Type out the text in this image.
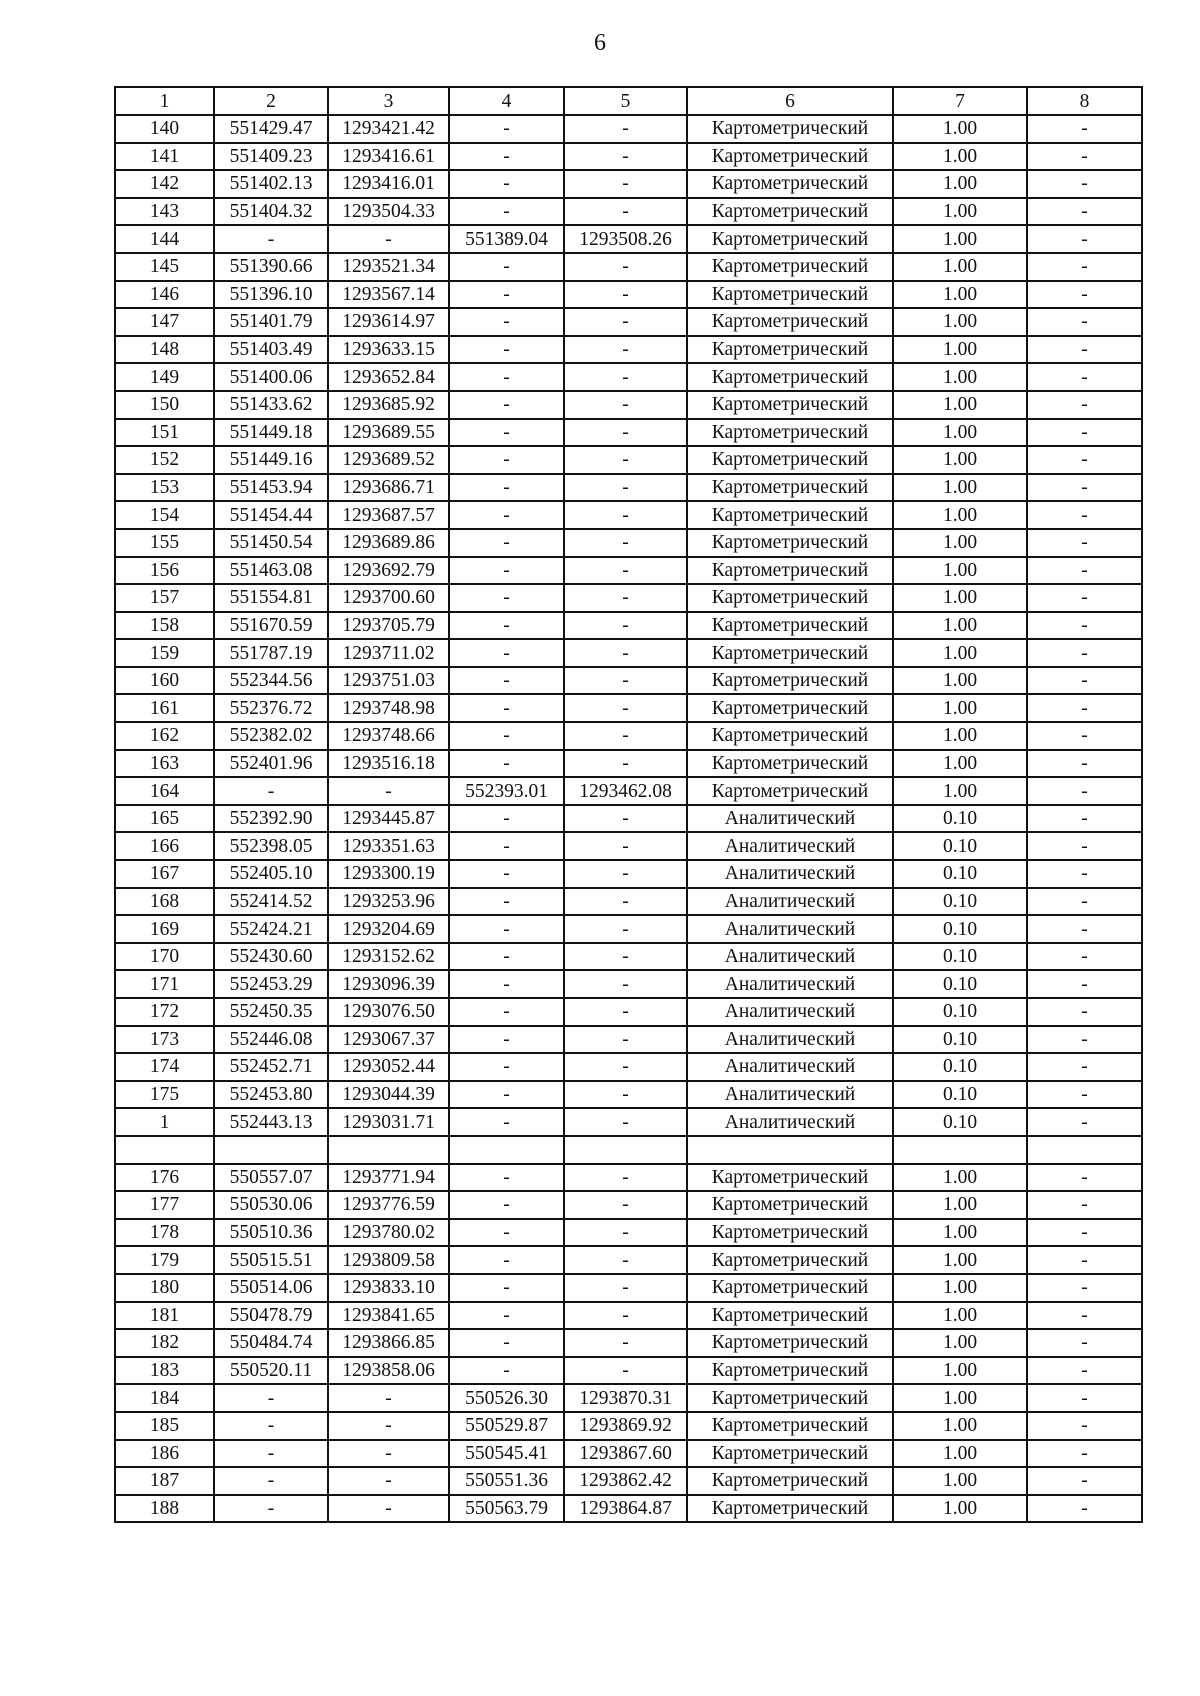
6
1	2	3	4	5	6	7	8
140	551429.47	1293421.42	-	-	Картометрический	1.00	-
141	551409.23	1293416.61	-	-	Картометрический	1.00	-
142	551402.13	1293416.01	-	-	Картометрический	1.00	-
143	551404.32	1293504.33	-	-	Картометрический	1.00	-
144	-	-	551389.04	1293508.26	Картометрический	1.00	-
145	551390.66	1293521.34	-	-	Картометрический	1.00	-
146	551396.10	1293567.14	-	-	Картометрический	1.00	-
147	551401.79	1293614.97	-	-	Картометрический	1.00	-
148	551403.49	1293633.15	-	-	Картометрический	1.00	-
149	551400.06	1293652.84	-	-	Картометрический	1.00	-
150	551433.62	1293685.92	-	-	Картометрический	1.00	-
151	551449.18	1293689.55	-	-	Картометрический	1.00	-
152	551449.16	1293689.52	-	-	Картометрический	1.00	-
153	551453.94	1293686.71	-	-	Картометрический	1.00	-
154	551454.44	1293687.57	-	-	Картометрический	1.00	-
155	551450.54	1293689.86	-	-	Картометрический	1.00	-
156	551463.08	1293692.79	-	-	Картометрический	1.00	-
157	551554.81	1293700.60	-	-	Картометрический	1.00	-
158	551670.59	1293705.79	-	-	Картометрический	1.00	-
159	551787.19	1293711.02	-	-	Картометрический	1.00	-
160	552344.56	1293751.03	-	-	Картометрический	1.00	-
161	552376.72	1293748.98	-	-	Картометрический	1.00	-
162	552382.02	1293748.66	-	-	Картометрический	1.00	-
163	552401.96	1293516.18	-	-	Картометрический	1.00	-
164	-	-	552393.01	1293462.08	Картометрический	1.00	-
165	552392.90	1293445.87	-	-	Аналитический	0.10	-
166	552398.05	1293351.63	-	-	Аналитический	0.10	-
167	552405.10	1293300.19	-	-	Аналитический	0.10	-
168	552414.52	1293253.96	-	-	Аналитический	0.10	-
169	552424.21	1293204.69	-	-	Аналитический	0.10	-
170	552430.60	1293152.62	-	-	Аналитический	0.10	-
171	552453.29	1293096.39	-	-	Аналитический	0.10	-
172	552450.35	1293076.50	-	-	Аналитический	0.10	-
173	552446.08	1293067.37	-	-	Аналитический	0.10	-
174	552452.71	1293052.44	-	-	Аналитический	0.10	-
175	552453.80	1293044.39	-	-	Аналитический	0.10	-
1	552443.13	1293031.71	-	-	Аналитический	0.10	-

176	550557.07	1293771.94	-	-	Картометрический	1.00	-
177	550530.06	1293776.59	-	-	Картометрический	1.00	-
178	550510.36	1293780.02	-	-	Картометрический	1.00	-
179	550515.51	1293809.58	-	-	Картометрический	1.00	-
180	550514.06	1293833.10	-	-	Картометрический	1.00	-
181	550478.79	1293841.65	-	-	Картометрический	1.00	-
182	550484.74	1293866.85	-	-	Картометрический	1.00	-
183	550520.11	1293858.06	-	-	Картометрический	1.00	-
184	-	-	550526.30	1293870.31	Картометрический	1.00	-
185	-	-	550529.87	1293869.92	Картометрический	1.00	-
186	-	-	550545.41	1293867.60	Картометрический	1.00	-
187	-	-	550551.36	1293862.42	Картометрический	1.00	-
188	-	-	550563.79	1293864.87	Картометрический	1.00	-
